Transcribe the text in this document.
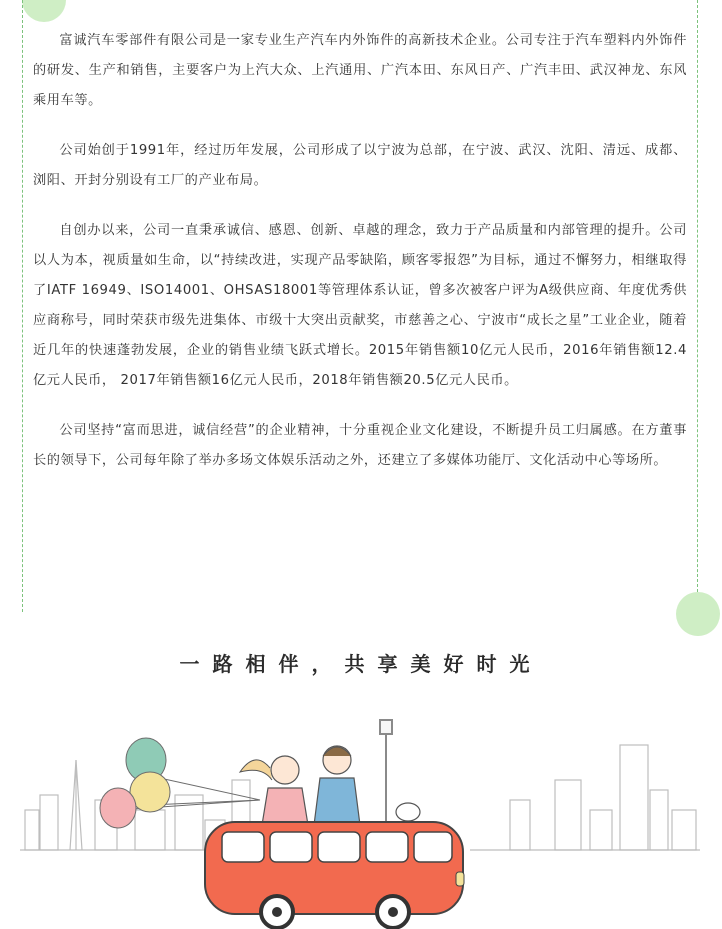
富诚汽车零部件有限公司是一家专业生产汽车内外饰件的高新技术企业。公司专注于汽车塑料内外饰件的研发、生产和销售，主要客户为上汽大众、上汽通用、广汽本田、东风日产、广汽丰田、武汉神龙、东风乘用车等。

公司始创于1991年，经过历年发展，公司形成了以宁波为总部，在宁波、武汉、沈阳、清远、成都、浏阳、开封分别设有工厂的产业布局。

自创办以来，公司一直秉承诚信、感恩、创新、卓越的理念，致力于产品质量和内部管理的提升。公司以人为本，视质量如生命，以“持续改进，实现产品零缺陷，顾客零报怨”为目标，通过不懈努力，相继取得了IATF 16949、ISO14001、OHSAS18001等管理体系认证，曾多次被客户评为A级供应商、年度优秀供应商称号，同时荣获市级先进集体、市级十大突出贡献奖，市慈善之心、宁波市“成长之星”工业企业，随着近几年的快速蓬勃发展，企业的销售业绩飞跃式增长。2015年销售额10亿元人民币，2016年销售额12.4亿元人民币， 2017年销售额16亿元人民币，2018年销售额20.5亿元人民币。

公司坚持“富而思进，诚信经营”的企业精神，十分重视企业文化建设，不断提升员工归属感。在方董事长的领导下，公司每年除了举办多场文体娱乐活动之外，还建立了多媒体功能厅、文化活动中心等场所。

一路相伴，共享美好时光
